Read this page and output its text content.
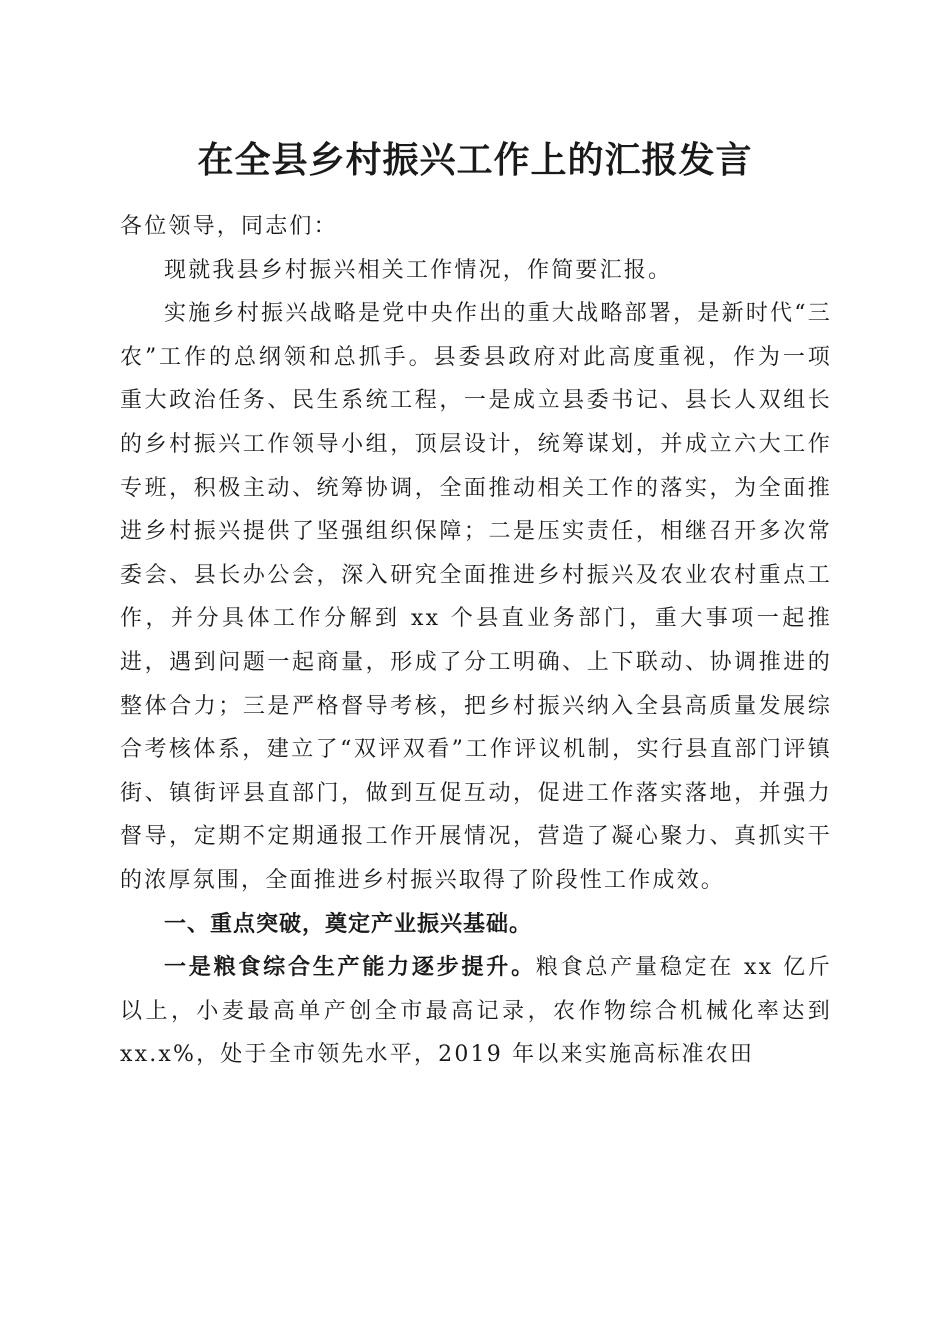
在全县乡村振兴工作上的汇报发言

各位领导，同志们：

现就我县乡村振兴相关工作情况，作简要汇报。

实施乡村振兴战略是党中央作出的重大战略部署，是新时代“三农”工作的总纲领和总抓手。县委县政府对此高度重视，作为一项重大政治任务、民生系统工程，一是成立县委书记、县长人双组长的乡村振兴工作领导小组，顶层设计，统筹谋划，并成立六大工作专班，积极主动、统筹协调，全面推动相关工作的落实，为全面推进乡村振兴提供了坚强组织保障；二是压实责任，相继召开多次常委会、县长办公会，深入研究全面推进乡村振兴及农业农村重点工作，并分具体工作分解到 xx 个县直业务部门，重大事项一起推进，遇到问题一起商量，形成了分工明确、上下联动、协调推进的整体合力；三是严格督导考核，把乡村振兴纳入全县高质量发展综合考核体系，建立了“双评双看”工作评议机制，实行县直部门评镇街、镇街评县直部门，做到互促互动，促进工作落实落地，并强力督导，定期不定期通报工作开展情况，营造了凝心聚力、真抓实干的浓厚氛围，全面推进乡村振兴取得了阶段性工作成效。

一、重点突破，奠定产业振兴基础。

一是粮食综合生产能力逐步提升。粮食总产量稳定在 xx 亿斤以上，小麦最高单产创全市最高记录，农作物综合机械化率达到 xx.x%，处于全市领先水平，2019 年以来实施高标准农田
